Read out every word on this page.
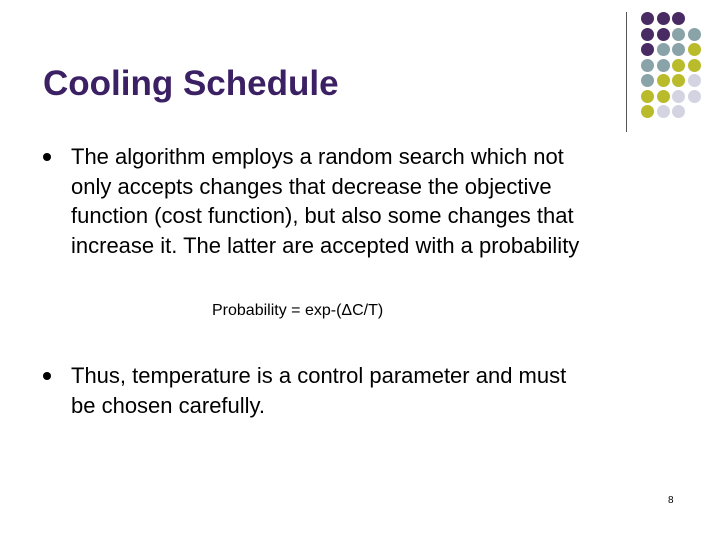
Cooling Schedule
The algorithm employs a random search which not
only accepts changes that decrease the objective
function (cost function), but also some changes that
increase it. The latter are accepted with a probability
Probability = exp-(ΔC/T)
Thus, temperature is a control parameter and must
be chosen carefully.
8
